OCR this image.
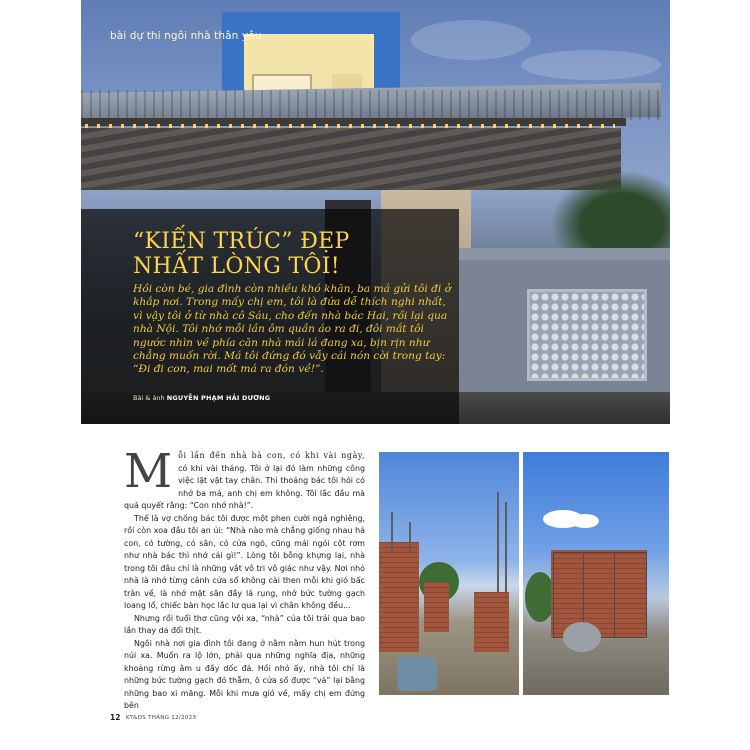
bài dự thi ngôi nhà thân yêu
“KIẾN TRÚC” ĐẸP
NHẤT LÒNG TÔI!
Hồi còn bé, gia đình còn nhiều khó khăn, ba má gửi tôi đi ở khắp nơi. Trong mấy chị em, tôi là đứa dễ thích nghi nhất, vì vậy tôi ở từ nhà cô Sáu, cho đến nhà bác Hai, rồi lại qua nhà Nội. Tôi nhớ mỗi lần ôm quần áo ra đi, đôi mắt tôi ngước nhìn về phía căn nhà mái lá đang xa, bịn rịn như chẳng muốn rời. Má tôi đứng đó vẫy cái nón cời trong tay: “Đi đi con, mai mốt má ra đón về!”.
Bài & ảnh NGUYỄN PHẠM HẢI DƯƠNG

Mỗi lần đến nhà bà con, có khi vài ngày, có khi vài tháng. Tôi ở lại đó làm những công việc lặt vặt tay chân. Thỉ thoảng bác tôi hỏi có nhớ ba má, anh chị em không. Tôi lắc đầu mà quả quyết rằng: “Con nhớ nhà!”.

Thế là vợ chồng bác tôi được một phen cười ngả nghiêng, rồi còn xoa đầu tôi an ủi: “Nhà nào mà chẳng giống nhau hả con, có tường, có sân, có cửa ngõ, cũng mái ngói cột rơm như nhà bác thì nhớ cái gì!”. Lòng tôi bỗng khựng lại, nhà trong tôi đâu chỉ là những vật vô tri vô giác như vậy. Nơi nhỏ nhà là nhớ từng cánh cửa sổ không cài then mỗi khi gió bấc tràn về, là nhớ mặt sân đầy lá rụng, nhớ bức tường gạch loang lổ, chiếc bàn học lắc lư qua lại vì chân không đều...

Nhưng rồi tuổi thơ cũng vội xa, “nhà” của tôi trải qua bao lần thay da đổi thịt.

Ngôi nhà nơi gia đình tôi đang ở nằm nằm hun hút trong núi xa. Muốn ra lộ lớn, phải qua những nghĩa địa, những khoảng rừng âm u đầy dốc đá. Hồi nhỏ ấy, nhà tôi chỉ là những bức tường gạch đỏ thẫm, ô cửa sổ được “vá” lại bằng những bao xi măng. Mỗi khi mưa gió về, mấy chị em đứng bên

12 KT&ĐS THÁNG 12/2023
